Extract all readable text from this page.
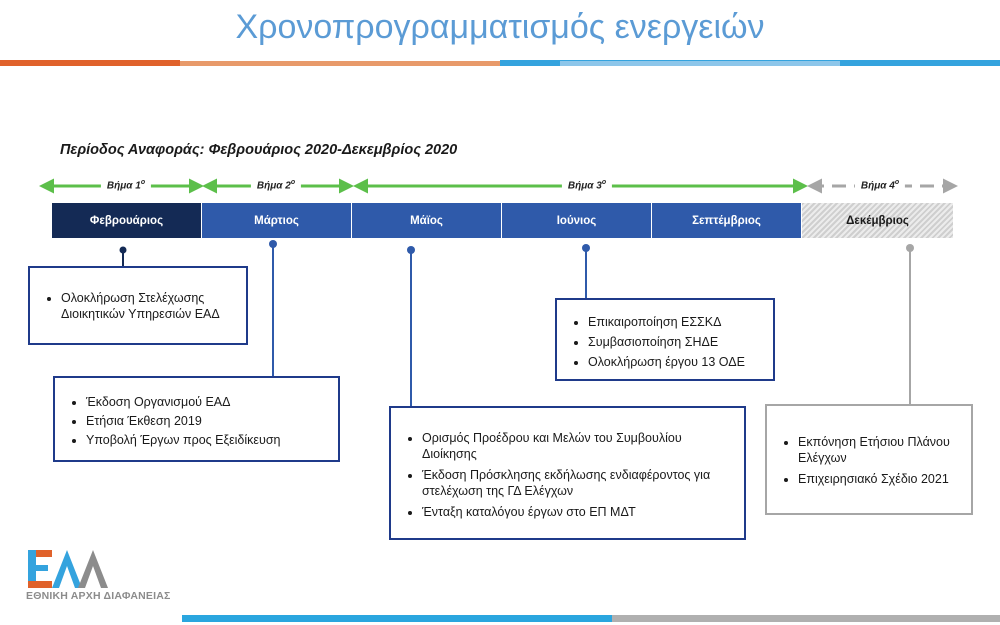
Χρονοπρογραμματισμός ενεργειών
Περίοδος Αναφοράς: Φεβρουάριος 2020-Δεκεμβρίος 2020
Βήμα $1^o$	Βήμα $2^o$	Βήμα $3^o$	Βήμα $4^o$
Φεβρουάριος	Μάρτιος	Μάϊος	Ιούνιος	Σεπτέμβριος	Δεκέμβριος
• Ολοκλήρωση Στελέχωσης Διοικητικών Υπηρεσιών ΕΑΔ
• Έκδοση Οργανισμού ΕΑΔ
• Ετήσια Έκθεση 2019
• Υποβολή Έργων προς Εξειδίκευση
•	Ορισμός Προέδρου και Μελών του Συμβουλίου Διοίκησης
• Έκδοση Πρόσκλησης εκδήλωσης ενδιαφέροντος για στελέχωση της ΓΔ Ελέγχων
• Ένταξη καταλόγου έργων στο ΕΠ ΜΔΤ
• Επικαιροποίηση ΕΣΣΚΔ
• Συμβασιοποίηση ΣΗΔΕ
• Ολοκλήρωση έργου 13 ΟΔΕ
• Εκπόνηση Ετήσιου Πλάνου Ελέγχων
• Επιχειρησιακό Σχέδιο 2021
ΕΘΝΙΚΗ ΑΡΧΗ ΔΙΑΦΑΝΕΙΑΣ
